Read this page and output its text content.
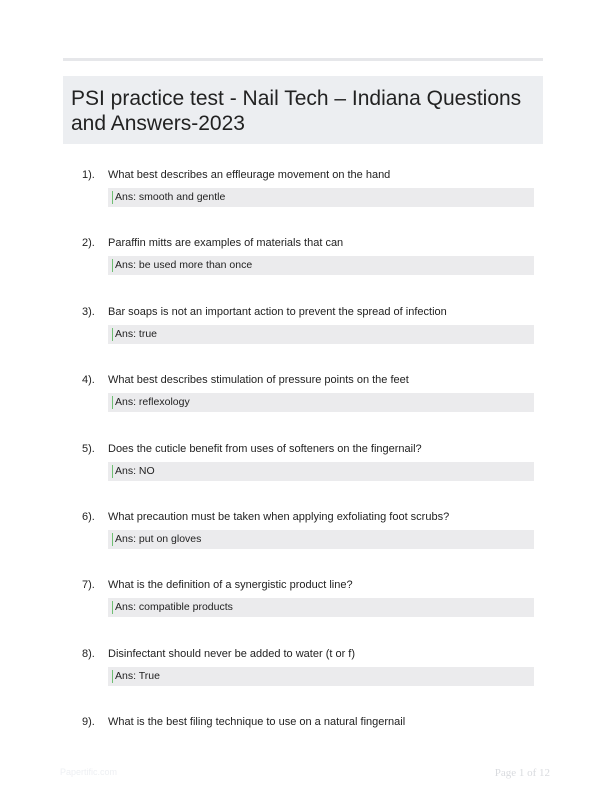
PSI practice test - Nail Tech – Indiana Questions and Answers-2023
1). What best describes an effleurage movement on the hand
Ans: smooth and gentle
2). Paraffin mitts are examples of materials that can
Ans: be used more than once
3). Bar soaps is not an important action to prevent the spread of infection
Ans: true
4). What best describes stimulation of pressure points on the feet
Ans: reflexology
5). Does the cuticle benefit from uses of softeners on the fingernail?
Ans: NO
6). What precaution must be taken when applying exfoliating foot scrubs?
Ans: put on gloves
7). What is the definition of a synergistic product line?
Ans: compatible products
8). Disinfectant should never be added to water (t or f)
Ans: True
9). What is the best filing technique to use on a natural fingernail
Papertific.com	Page 1 of 12
